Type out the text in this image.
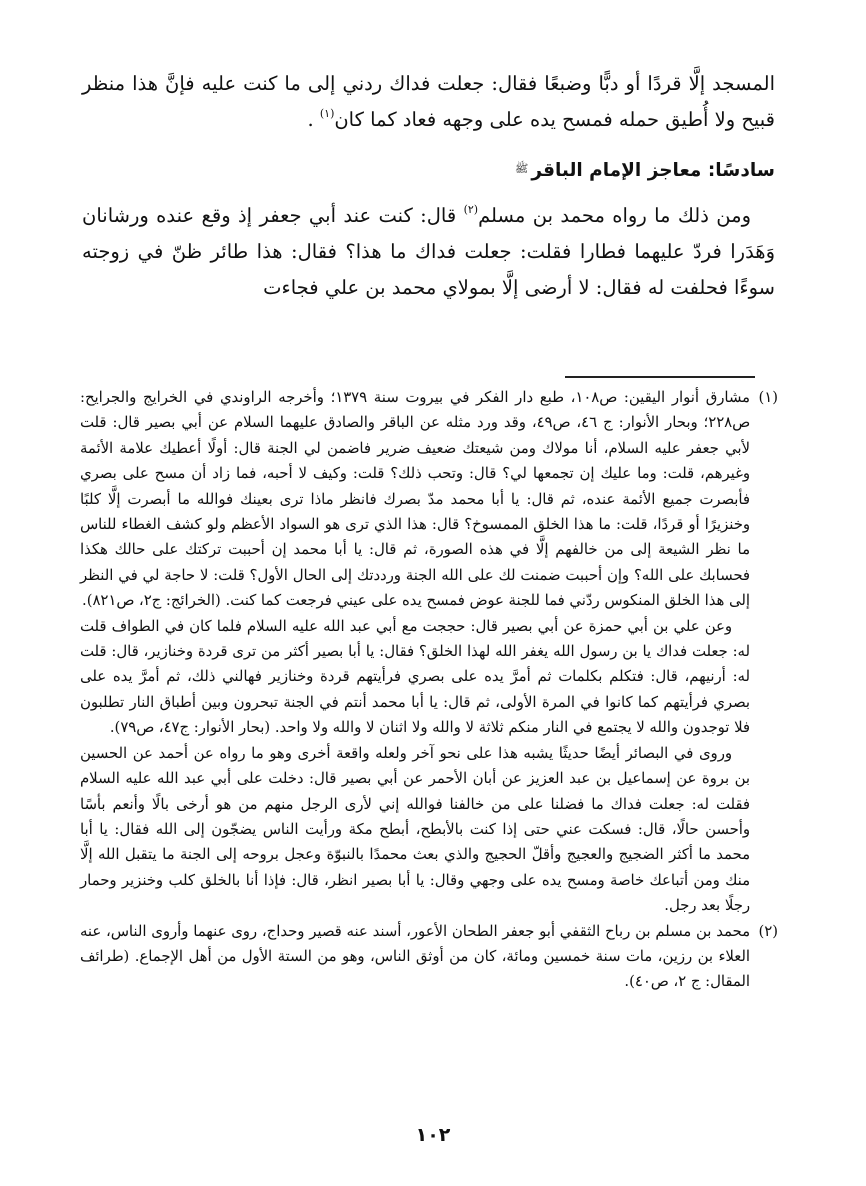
المسجد إلَّا قردًا أو دبًّا وضبعًا فقال: جعلت فداك ردني إلى ما كنت عليه فإنَّ هذا منظر قبيح ولا أُطيق حمله فمسح يده على وجهه فعاد كما كان$^{(١)}$ .

سادسًا: معاجز الإمام الباقر$^ﷺ$

ومن ذلك ما رواه محمد بن مسلم$^{(٢)}$ قال: كنت عند أبي جعفر إذ وقع عنده ورشانان وَهَدَرا فردّ عليهما فطارا فقلت: جعلت فداك ما هذا؟ فقال: هذا طائر ظنّ في زوجته سوءًا فحلفت له فقال: لا أرضى إلَّا بمولاي محمد بن علي فجاءت

(١)

مشارق أنوار اليقين: ص١٠٨، طبع دار الفكر في بيروت سنة ١٣٧٩؛ وأخرجه الراوندي في الخرايج والجرايح: ص٢٢٨؛ وبحار الأنوار: ج ٤٦، ص٤٩، وقد ورد مثله عن الباقر والصادق عليهما السلام عن أبي بصير قال: قلت لأبي جعفر عليه السلام، أنا مولاك ومن شيعتك ضعيف ضرير فاضمن لي الجنة قال: أولًا أعطيك علامة الأئمة وغيرهم، قلت: وما عليك إن تجمعها لي؟ قال: وتحب ذلك؟ قلت: وكيف لا أحبه، فما زاد أن مسح على بصري فأبصرت جميع الأئمة عنده، ثم قال: يا أبا محمد مدّ بصرك فانظر ماذا ترى بعينك فوالله ما أبصرت إلَّا كلبًا وخنزيرًا أو قردًا، قلت: ما هذا الخلق الممسوخ؟ قال: هذا الذي ترى هو السواد الأعظم ولو كشف الغطاء للناس ما نظر الشيعة إلى من خالفهم إلَّا في هذه الصورة، ثم قال: يا أبا محمد إن أحببت تركتك على حالك هكذا فحسابك على الله؟ وإن أحببت ضمنت لك على الله الجنة ورددتك إلى الحال الأول؟ قلت: لا حاجة لي في النظر إلى هذا الخلق المنكوس ردّني فما للجنة عوض فمسح يده على عيني فرجعت كما كنت. (الخرائج: ج٢، ص٨٢١).

وعن علي بن أبي حمزة عن أبي بصير قال: حججت مع أبي عبد الله عليه السلام فلما كان في الطواف قلت له: جعلت فداك يا بن رسول الله يغفر الله لهذا الخلق؟ فقال: يا أبا بصير أكثر من ترى قردة وخنازير، قال: قلت له: أرنيهم، قال: فتكلم بكلمات ثم أمرَّ يده على بصري فرأيتهم قردة وخنازير فهالني ذلك، ثم أمرَّ يده على بصري فرأيتهم كما كانوا في المرة الأولى، ثم قال: يا أبا محمد أنتم في الجنة تبحرون وبين أطباق النار تطلبون فلا توجدون والله لا يجتمع في النار منكم ثلاثة لا والله ولا اثنان لا والله ولا واحد. (بحار الأنوار: ج٤٧، ص٧٩).

وروى في البصائر أيضًا حديثًا يشبه هذا على نحو آخر ولعله واقعة أخرى وهو ما رواه عن أحمد عن الحسين بن بروة عن إسماعيل بن عبد العزيز عن أبان الأحمر عن أبي بصير قال: دخلت على أبي عبد الله عليه السلام فقلت له: جعلت فداك ما فضلنا على من خالفنا فوالله إني لأرى الرجل منهم من هو أرخى بالًا وأنعم بأسًا وأحسن حالًا، قال: فسكت عني حتى إذا كنت بالأبطح، أبطح مكة ورأيت الناس يضجّون إلى الله فقال: يا أبا محمد ما أكثر الضجيج والعجيج وأقلّ الحجيج والذي بعث محمدًا بالنبوّة وعجل بروحه إلى الجنة ما يتقبل الله إلَّا منك ومن أتباعك خاصة ومسح يده على وجهي وقال: يا أبا بصير انظر، قال: فإذا أنا بالخلق كلب وخنزير وحمار رجلًا بعد رجل.

(٢)

محمد بن مسلم بن رباح الثقفي أبو جعفر الطحان الأعور، أسند عنه قصير وحداج، روى عنهما وأروى الناس، عنه العلاء بن رزين، مات سنة خمسين ومائة، كان من أوثق الناس، وهو من الستة الأول من أهل الإجماع. (طرائف المقال: ج ٢، ص٤٠).

١٠٢
